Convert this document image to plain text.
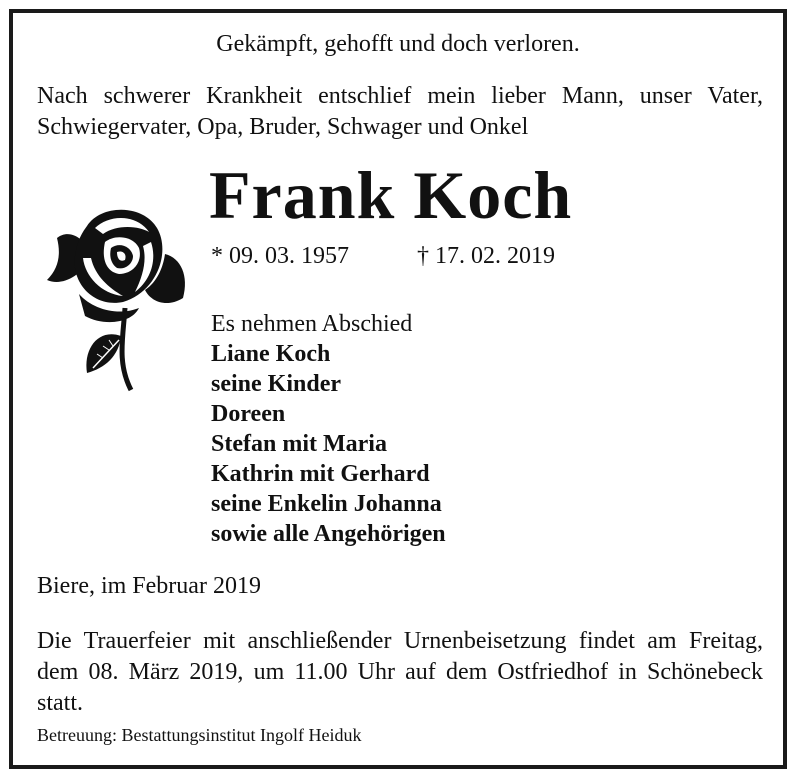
Gekämpft, gehofft und doch verloren.
Nach schwerer Krankheit entschlief mein lieber Mann, unser Vater, Schwiegervater, Opa, Bruder, Schwager und Onkel
Frank Koch
* 09. 03. 1957	† 17. 02. 2019
Es nehmen Abschied
Liane Koch
seine Kinder
Doreen
Stefan mit Maria
Kathrin mit Gerhard
seine Enkelin Johanna
sowie alle Angehörigen
Biere, im Februar 2019
Die Trauerfeier mit anschließender Urnenbeisetzung findet am Freitag, dem 08. März 2019, um 11.00 Uhr auf dem Ostfriedhof in Schönebeck statt.
Betreuung: Bestattungsinstitut Ingolf Heiduk
